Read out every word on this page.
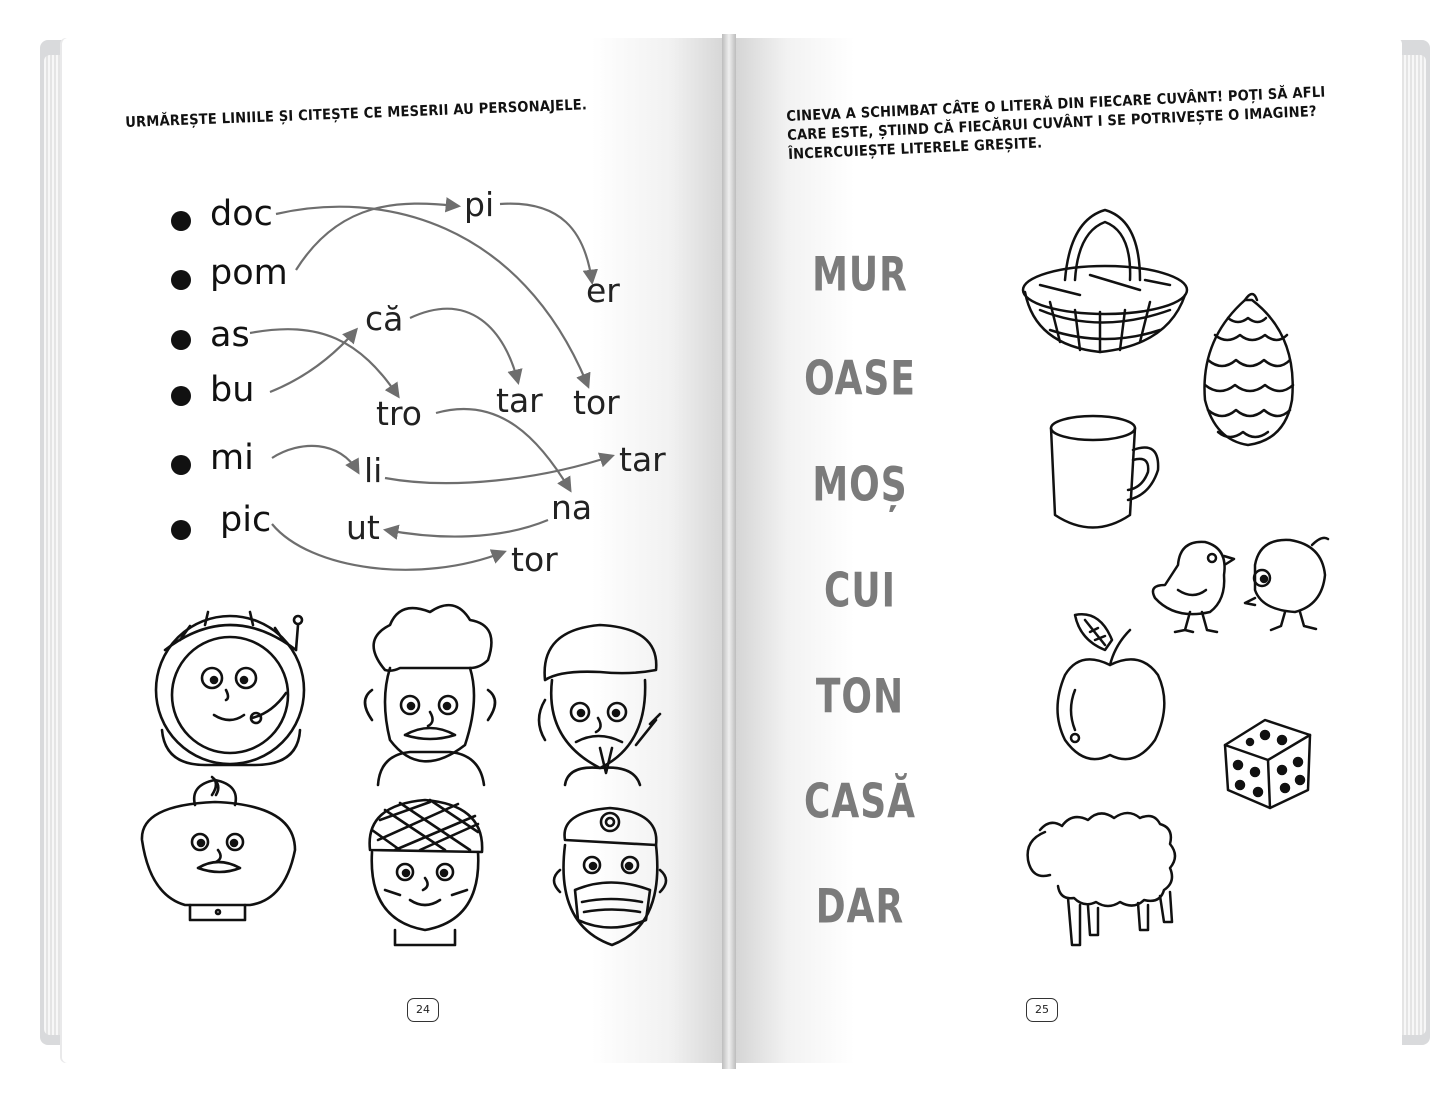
URMĂREȘTE LINIILE ȘI CITEȘTE CE MESERII AU PERSONAJELE.
doc
pom
as
bu
mi
pic
pi
er
că
tar tor
tro
tar
li
na
ut
tor
CINEVA A SCHIMBAT CÂTE O LITERĂ DIN FIECARE CUVÂNT! POȚI SĂ AFLI CARE ESTE, ȘTIIND CĂ FIECĂRUI CUVÂNT I SE POTRIVEȘTE O IMAGINE? ÎNCERCUIEȘTE LITERELE GREȘITE.
MUR
OASE
MOȘ
CUI
TON
CASĂ
DAR
24	25
